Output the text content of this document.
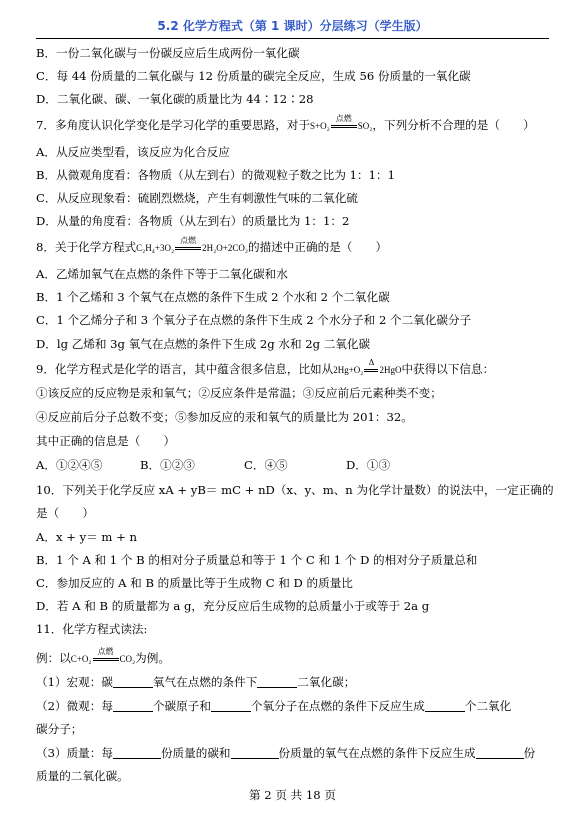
5.2 化学方程式（第 1 课时）分层练习（学生版）
B．一份二氧化碳与一份碳反应后生成两份一氧化碳
C．每 44 份质量的二氧化碳与 12 份质量的碳完全反应，生成 56 份质量的一氧化碳
D．二氧化碳、碳、一氧化碳的质量比为 44∶12∶28
7．多角度认识化学变化是学习化学的重要思路，对于S+O₂
点燃
SO₂，下列分析不合理的是（　　）
A．从反应类型看，该反应为化合反应
B．从微观角度看：各物质（从左到右）的微观粒子数之比为 1：1：1
C．从反应现象看：硫剧烈燃烧，产生有刺激性气味的二氧化硫
D．从量的角度看：各物质（从左到右）的质量比为 1：1：2
8．关于化学方程式C₂H₄+3O₂
点燃
2H₂O+2CO₂的描述中正确的是（　　）
A．乙烯加氧气在点燃的条件下等于二氧化碳和水
B．1 个乙烯和 3 个氧气在点燃的条件下生成 2 个水和 2 个二氧化碳
C．1 个乙烯分子和 3 个氧分子在点燃的条件下生成 2 个水分子和 2 个二氧化碳分子
D．lg 乙烯和 3g 氧气在点燃的条件下生成 2g 水和 2g 二氧化碳
9．化学方程式是化学的语言，其中蕴含很多信息，比如从2Hg+O₂
Δ
2HgO中获得以下信息：
①该反应的反应物是汞和氧气；②反应条件是常温；③反应前后元素种类不变；
④反应前后分子总数不变；⑤参加反应的汞和氧气的质量比为 201：32。
其中正确的信息是（　　）
A．①②④⑤	B．①②③	C．④⑤	D．①③
10．下列关于化学反应 xA + yB＝ mC + nD（x、y、m、n 为化学计量数）的说法中，一定正确的
是（　　）
A．x + y＝ m + n
B．1 个 A 和 1 个 B 的相对分子质量总和等于 1 个 C 和 1 个 D 的相对分子质量总和
C．参加反应的 A 和 B 的质量比等于生成物 C 和 D 的质量比
D．若 A 和 B 的质量都为 a g，充分反应后生成物的总质量小于或等于 2a g
11．化学方程式读法:
例：以C+O₂
点燃
CO₂为例。
（1）宏观：碳	氧气在点燃的条件下	二氧化碳；
（2）微观：每	个碳原子和	个氧分子在点燃的条件下反应生成	个二氧化
碳分子；
（3）质量：每	份质量的碳和	份质量的氧气在点燃的条件下反应生成	份
质量的二氧化碳。
第 2 页 共 18 页
